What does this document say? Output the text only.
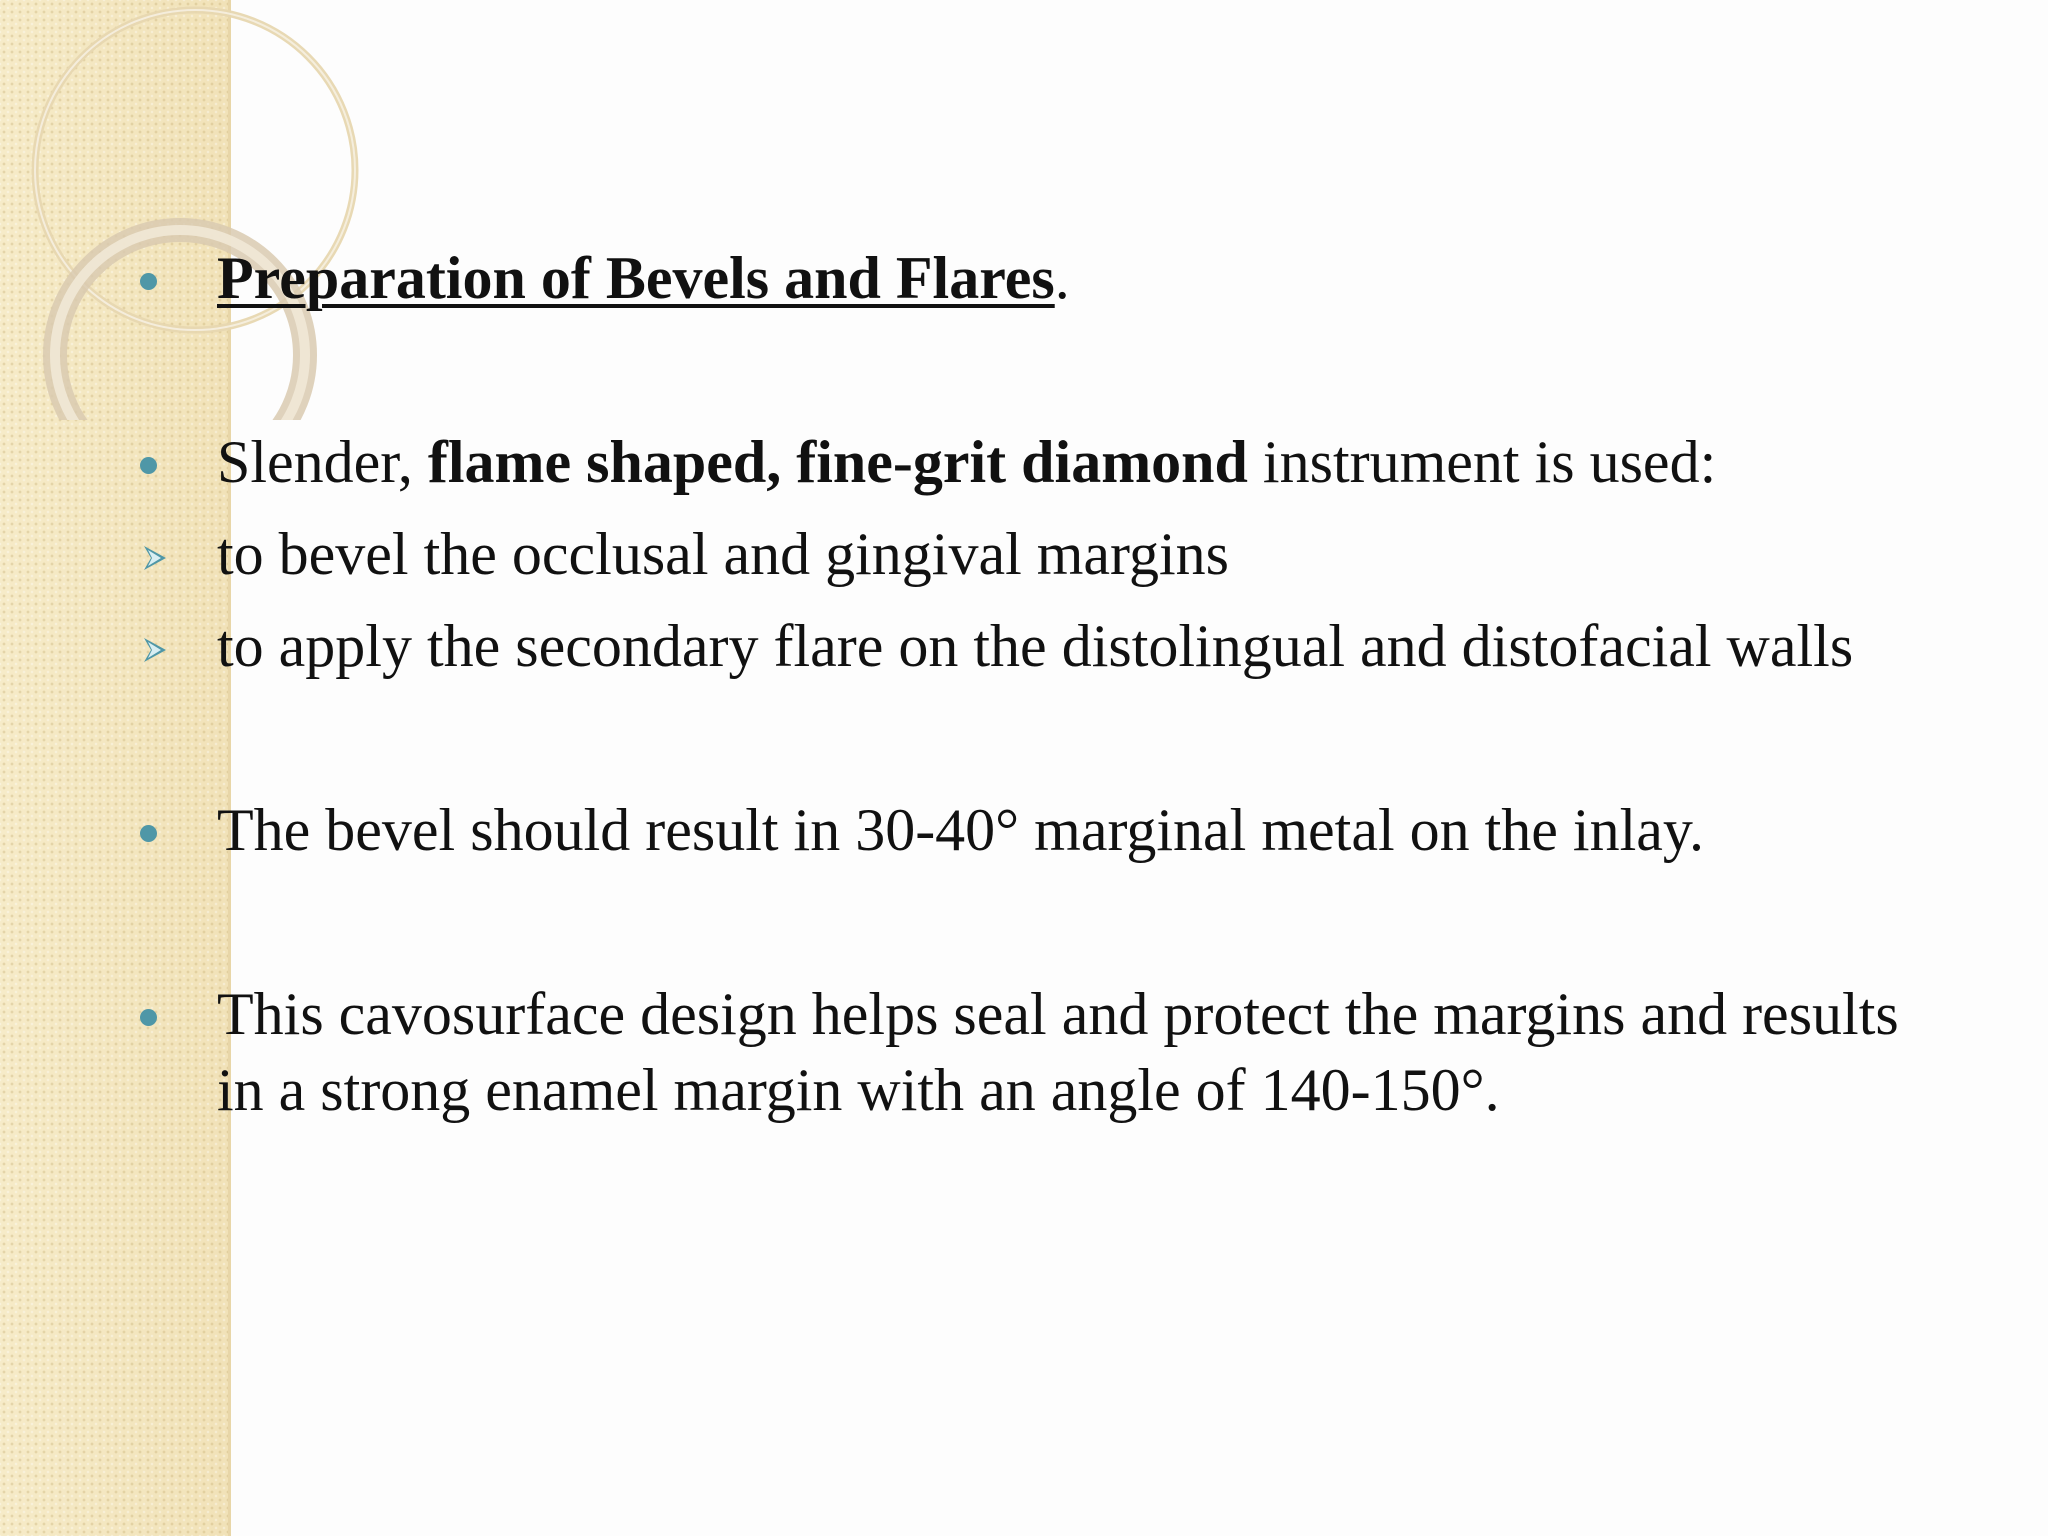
Preparation of Bevels and Flares.
Slender, flame shaped, fine-grit diamond instrument is used:
to bevel the occlusal and gingival margins
to apply the secondary flare on the distolingual and distofacial walls
The bevel should result in 30-40° marginal metal on the inlay.
This cavosurface design helps seal and protect the margins and results in a strong enamel margin with an angle of 140-150°.
